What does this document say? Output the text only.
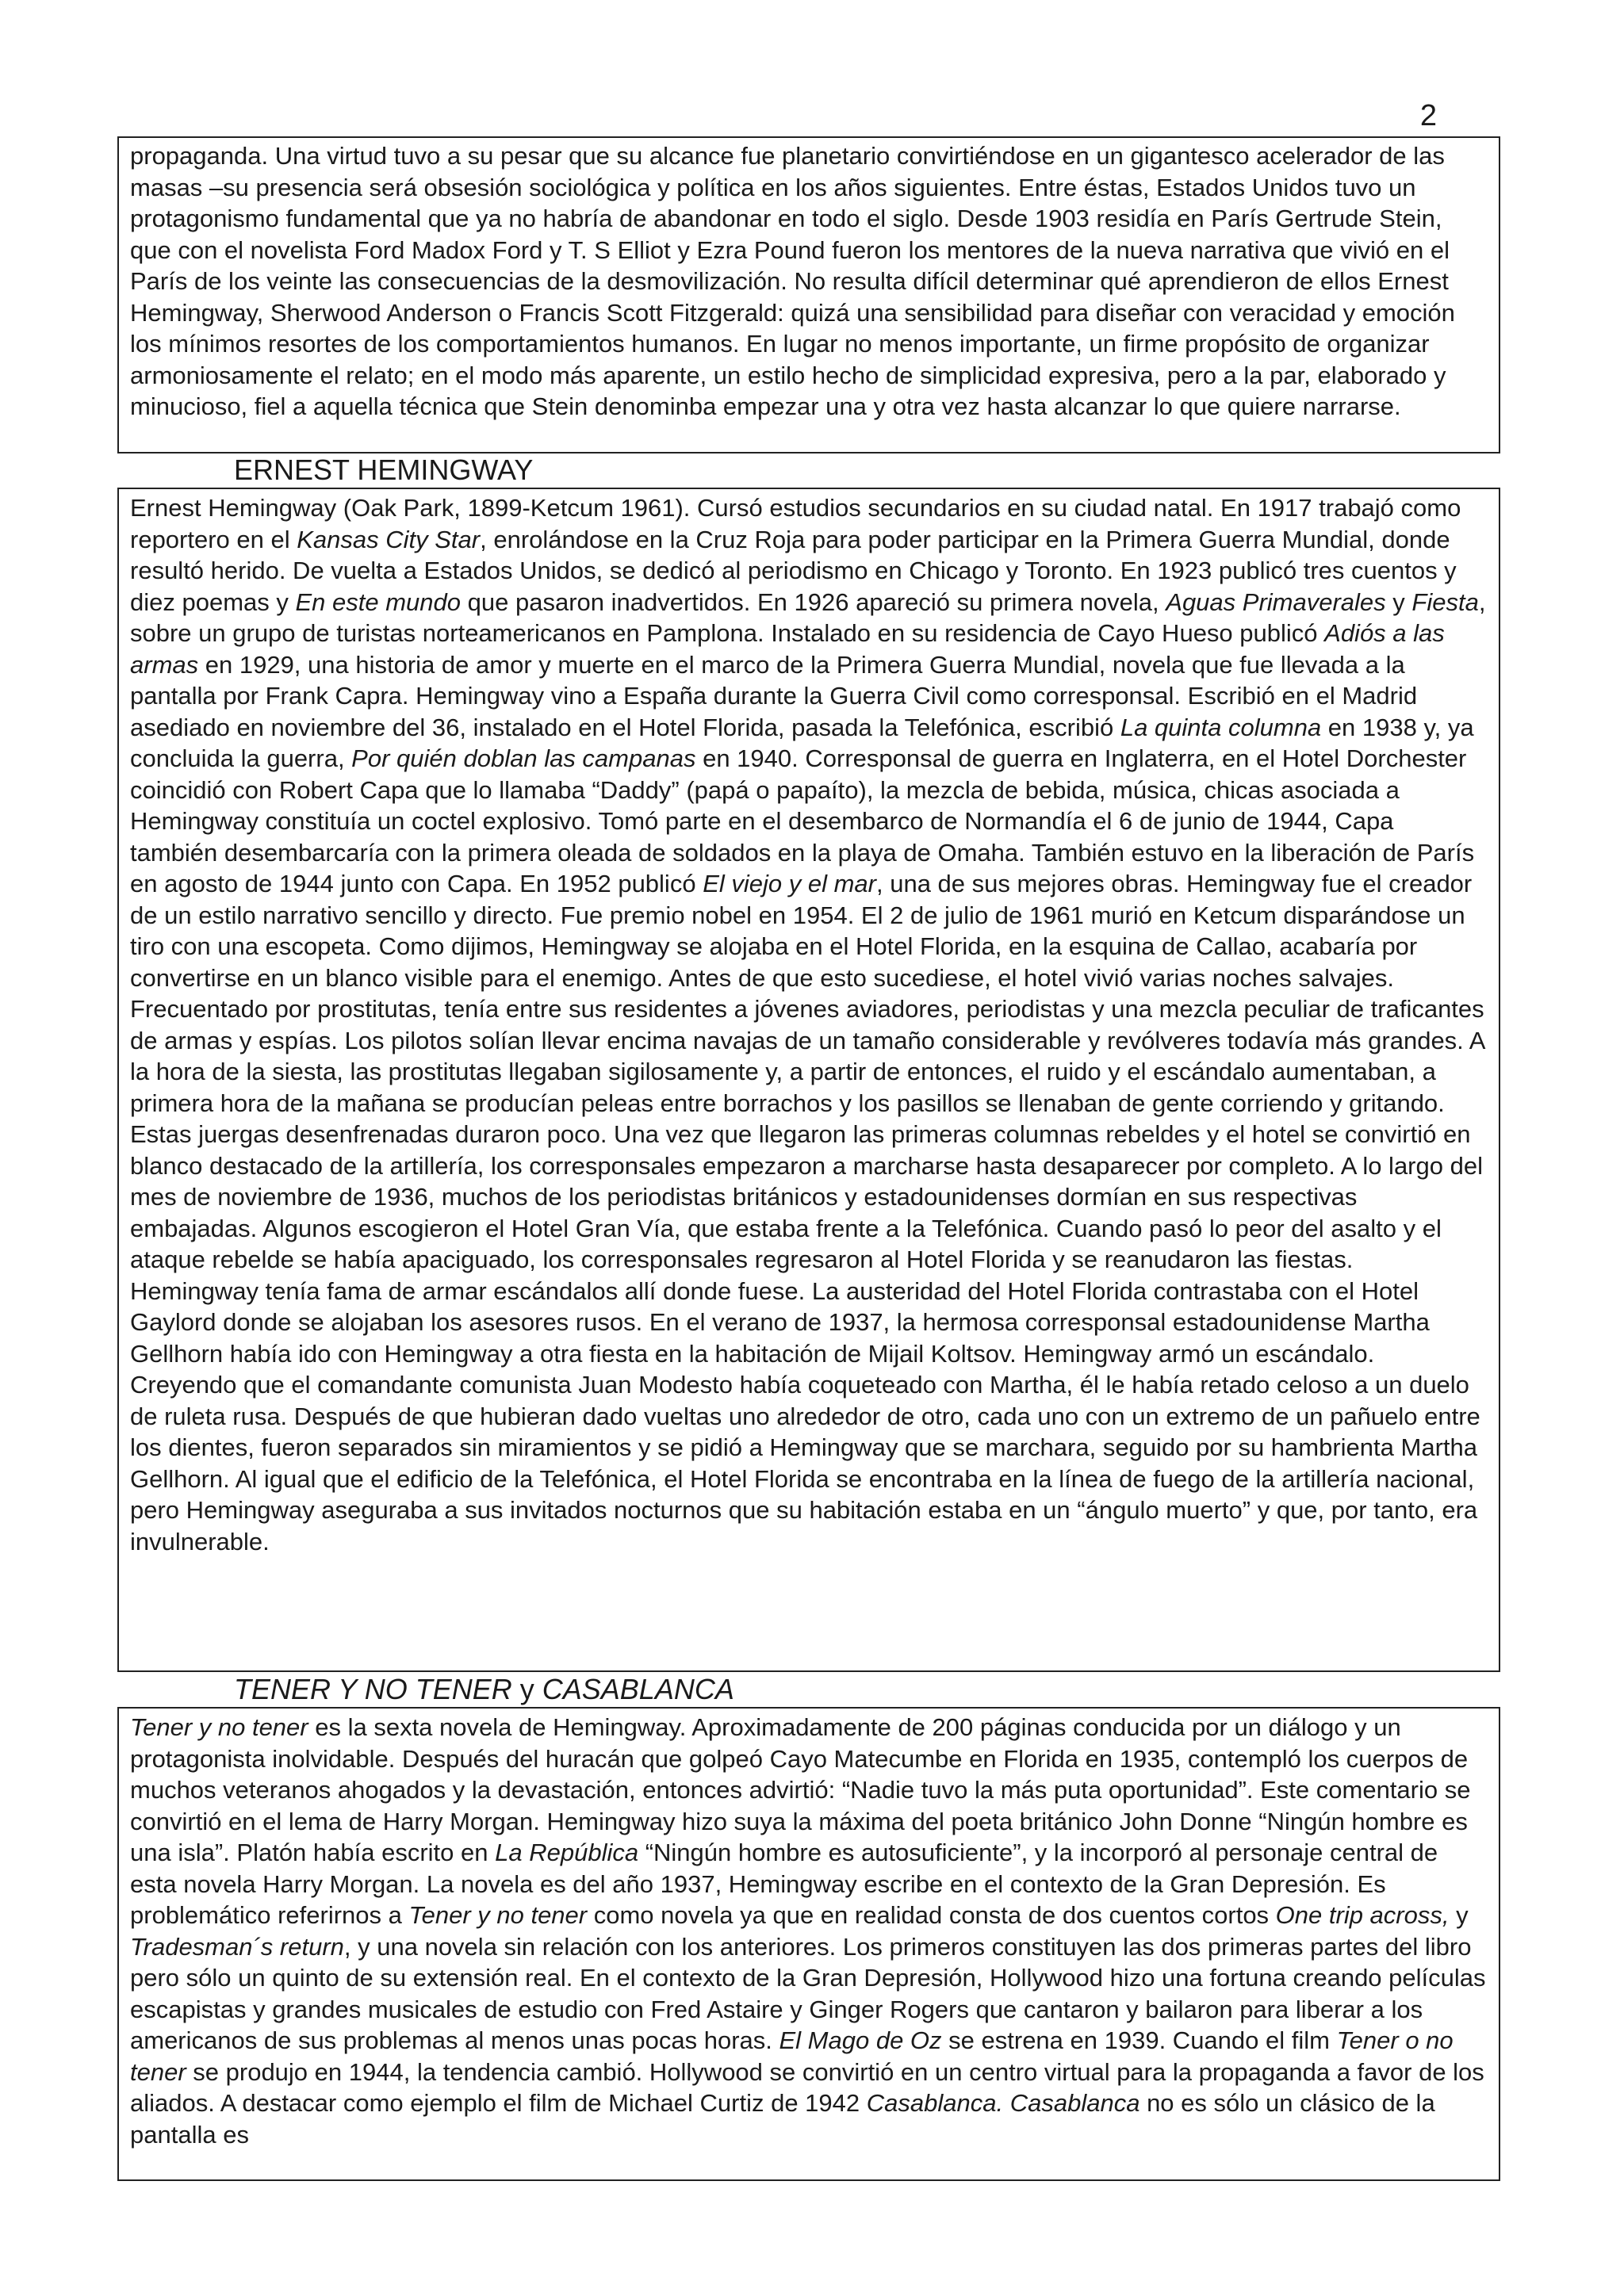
2

propaganda. Una virtud tuvo a su pesar que su alcance fue planetario convirtiéndose en un gigantesco acelerador de las masas –su presencia será obsesión sociológica y política en los años siguientes. Entre éstas, Estados Unidos tuvo un protagonismo fundamental que ya no habría de abandonar en todo el siglo. Desde 1903 residía en París Gertrude Stein, que con el novelista Ford Madox Ford y T. S Elliot y Ezra Pound fueron los mentores de la nueva narrativa que vivió en el París de los veinte las consecuencias de la desmovilización. No resulta difícil determinar qué aprendieron de ellos Ernest Hemingway, Sherwood Anderson o Francis Scott Fitzgerald: quizá una sensibilidad para diseñar con veracidad y emoción los mínimos resortes de los comportamientos humanos. En lugar no menos importante, un firme propósito de organizar armoniosamente el relato; en el modo más aparente, un estilo hecho de simplicidad expresiva, pero a la par, elaborado y minucioso, fiel a aquella técnica que Stein denominba empezar una y otra vez hasta alcanzar lo que quiere narrarse.

ERNEST HEMINGWAY

Ernest Hemingway (Oak Park, 1899-Ketcum 1961). Cursó estudios secundarios en su ciudad natal. En 1917 trabajó como reportero en el Kansas City Star, enrolándose en la Cruz Roja para poder participar en la Primera Guerra Mundial, donde resultó herido. De vuelta a Estados Unidos, se dedicó al periodismo en Chicago y Toronto. En 1923 publicó tres cuentos y diez poemas y En este mundo que pasaron inadvertidos. En 1926 apareció su primera novela, Aguas Primaverales y Fiesta, sobre un grupo de turistas norteamericanos en Pamplona. Instalado en su residencia de Cayo Hueso publicó Adiós a las armas en 1929, una historia de amor y muerte en el marco de la Primera Guerra Mundial, novela que fue llevada a la pantalla por Frank Capra. Hemingway vino a España durante la Guerra Civil como corresponsal. Escribió en el Madrid asediado en noviembre del 36, instalado en el Hotel Florida, pasada la Telefónica, escribió La quinta columna en 1938 y, ya concluida la guerra, Por quién doblan las campanas en 1940. Corresponsal de guerra en Inglaterra, en el Hotel Dorchester coincidió con Robert Capa que lo llamaba “Daddy” (papá o papaíto), la mezcla de bebida, música, chicas asociada a Hemingway constituía un coctel explosivo. Tomó parte en el desembarco de Normandía el 6 de junio de 1944, Capa también desembarcaría con la primera oleada de soldados en la playa de Omaha. También estuvo en la liberación de París en agosto de 1944 junto con Capa. En 1952 publicó El viejo y el mar, una de sus mejores obras. Hemingway fue el creador de un estilo narrativo sencillo y directo. Fue premio nobel en 1954. El 2 de julio de 1961 murió en Ketcum disparándose un tiro con una escopeta. Como dijimos, Hemingway se alojaba en el Hotel Florida, en la esquina de Callao, acabaría por convertirse en un blanco visible para el enemigo. Antes de que esto sucediese, el hotel vivió varias noches salvajes. Frecuentado por prostitutas, tenía entre sus residentes a jóvenes aviadores, periodistas y una mezcla peculiar de traficantes de armas y espías. Los pilotos solían llevar encima navajas de un tamaño considerable y revólveres todavía más grandes. A la hora de la siesta, las prostitutas llegaban sigilosamente y, a partir de entonces, el ruido y el escándalo aumentaban, a primera hora de la mañana se producían peleas entre borrachos y los pasillos se llenaban de gente corriendo y gritando. Estas juergas desenfrenadas duraron poco. Una vez que llegaron las primeras columnas rebeldes y el hotel se convirtió en blanco destacado de la artillería, los corresponsales empezaron a marcharse hasta desaparecer por completo. A lo largo del mes de noviembre de 1936, muchos de los periodistas británicos y estadounidenses dormían en sus respectivas embajadas. Algunos escogieron el Hotel Gran Vía, que estaba frente a la Telefónica. Cuando pasó lo peor del asalto y el ataque rebelde se había apaciguado, los corresponsales regresaron al Hotel Florida y se reanudaron las fiestas. Hemingway tenía fama de armar escándalos allí donde fuese. La austeridad del Hotel Florida contrastaba con el Hotel Gaylord donde se alojaban los asesores rusos. En el verano de 1937, la hermosa corresponsal estadounidense Martha Gellhorn había ido con Hemingway a otra fiesta en la habitación de Mijail Koltsov. Hemingway armó un escándalo. Creyendo que el comandante comunista Juan Modesto había coqueteado con Martha, él le había retado celoso a un duelo de ruleta rusa. Después de que hubieran dado vueltas uno alrededor de otro, cada uno con un extremo de un pañuelo entre los dientes, fueron separados sin miramientos y se pidió a Hemingway que se marchara, seguido por su hambrienta Martha Gellhorn. Al igual que el edificio de la Telefónica, el Hotel Florida se encontraba en la línea de fuego de la artillería nacional, pero Hemingway aseguraba a sus invitados nocturnos que su habitación estaba en un “ángulo muerto” y que, por tanto, era invulnerable.

TENER Y NO TENER y CASABLANCA

Tener y no tener es la sexta novela de Hemingway. Aproximadamente de 200 páginas conducida por un diálogo y un protagonista inolvidable. Después del huracán que golpeó Cayo Matecumbe en Florida en 1935, contempló los cuerpos de muchos veteranos ahogados y la devastación, entonces advirtió: “Nadie tuvo la más puta oportunidad”. Este comentario se convirtió en el lema de Harry Morgan. Hemingway hizo suya la máxima del poeta británico John Donne “Ningún hombre es una isla”. Platón había escrito en La República “Ningún hombre es autosuficiente”, y la incorporó al personaje central de esta novela Harry Morgan. La novela es del año 1937, Hemingway escribe en el contexto de la Gran Depresión. Es problemático referirnos a Tener y no tener como novela ya que en realidad consta de dos cuentos cortos One trip across, y Tradesman´s return, y una novela sin relación con los anteriores. Los primeros constituyen las dos primeras partes del libro pero sólo un quinto de su extensión real. En el contexto de la Gran Depresión, Hollywood hizo una fortuna creando películas escapistas y grandes musicales de estudio con Fred Astaire y Ginger Rogers que cantaron y bailaron para liberar a los americanos de sus problemas al menos unas pocas horas. El Mago de Oz se estrena en 1939. Cuando el film Tener o no tener se produjo en 1944, la tendencia cambió. Hollywood se convirtió en un centro virtual para la propaganda a favor de los aliados. A destacar como ejemplo el film de Michael Curtiz de 1942 Casablanca. Casablanca no es sólo un clásico de la pantalla es
